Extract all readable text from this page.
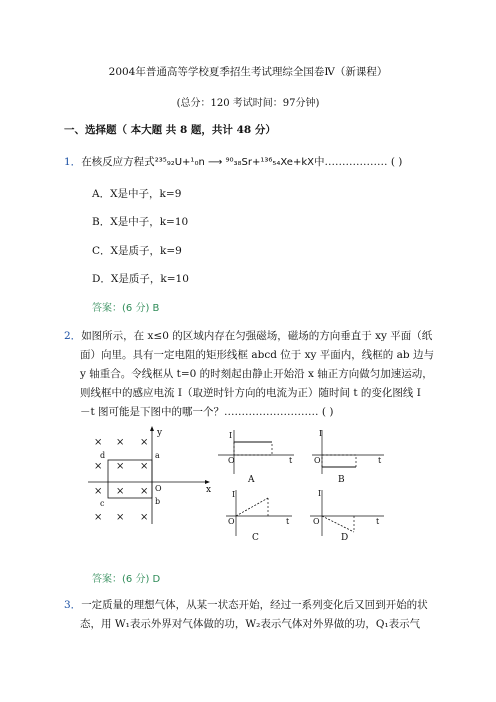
2004年普通高等学校夏季招生考试理综全国卷Ⅳ（新课程）
(总分：120 考试时间：97分钟)
一、选择题（ 本大题 共 8 题，共计 48 分）
1．在核反应方程式²³⁵₉₂U+¹₀n ⟶ ⁹⁰₃₈Sr+¹³⁶₅₄Xe+kX中……………… ( )
A．X是中子，k=9
B．X是中子，k=10
C．X是质子，k=9
D．X是质子，k=10
答案：(6 分) B
2．如图所示，在 x≤0 的区域内存在匀强磁场，磁场的方向垂直于 xy 平面（纸
面）向里。具有一定电阻的矩形线框 abcd 位于 xy 平面内，线框的 ab 边与
y 轴重合。令线框从 t=0 的时刻起由静止开始沿 x 轴正方向做匀加速运动，
则线框中的感应电流 I（取逆时针方向的电流为正）随时间 t 的变化图线 I
－t 图可能是下图中的哪一个？……………………… ( )
× × ×
× × ×
× × ×
× × ×
y
x
d	a
c	b
O
I
O	t
A
I
O	t
B
I
O	t
C
I
O	t
D
答案：(6 分) D
3．一定质量的理想气体，从某一状态开始，经过一系列变化后又回到开始的状
态，用 W₁表示外界对气体做的功，W₂表示气体对外界做的功，Q₁表示气
